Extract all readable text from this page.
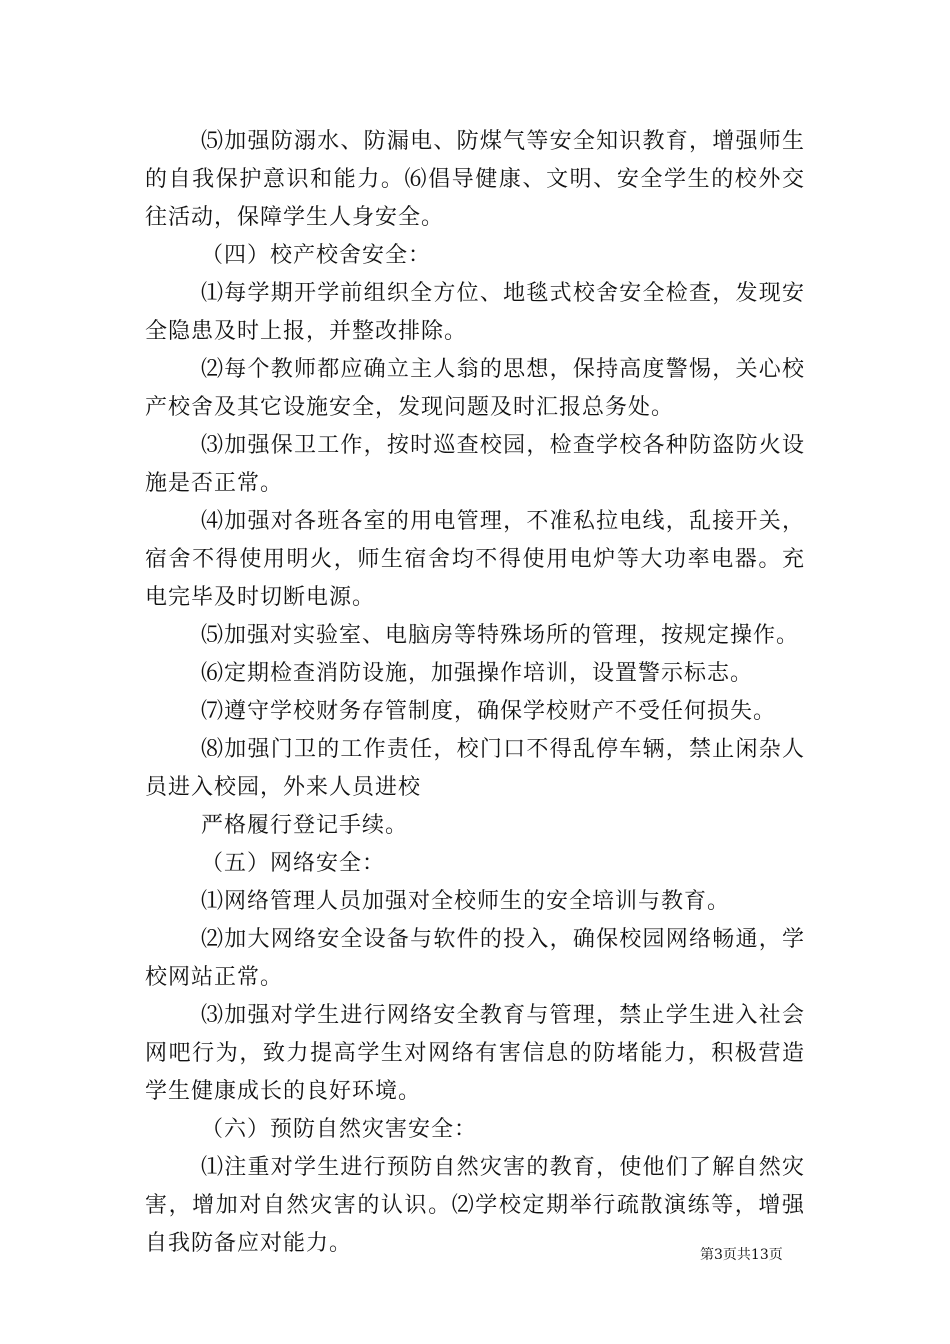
⑸加强防溺水、防漏电、防煤气等安全知识教育，增强师生的自我保护意识和能力。⑹倡导健康、文明、安全学生的校外交往活动，保障学生人身安全。

（四）校产校舍安全：

⑴每学期开学前组织全方位、地毯式校舍安全检查，发现安全隐患及时上报，并整改排除。

⑵每个教师都应确立主人翁的思想，保持高度警惕，关心校产校舍及其它设施安全，发现问题及时汇报总务处。

⑶加强保卫工作，按时巡查校园，检查学校各种防盗防火设施是否正常。

⑷加强对各班各室的用电管理，不准私拉电线，乱接开关，宿舍不得使用明火，师生宿舍均不得使用电炉等大功率电器。充电完毕及时切断电源。

⑸加强对实验室、电脑房等特殊场所的管理，按规定操作。

⑹定期检查消防设施，加强操作培训，设置警示标志。

⑺遵守学校财务存管制度，确保学校财产不受任何损失。

⑻加强门卫的工作责任，校门口不得乱停车辆，禁止闲杂人员进入校园，外来人员进校

严格履行登记手续。

（五）网络安全：

⑴网络管理人员加强对全校师生的安全培训与教育。

⑵加大网络安全设备与软件的投入，确保校园网络畅通，学校网站正常。

⑶加强对学生进行网络安全教育与管理，禁止学生进入社会网吧行为，致力提高学生对网络有害信息的防堵能力，积极营造学生健康成长的良好环境。

（六）预防自然灾害安全：

⑴注重对学生进行预防自然灾害的教育，使他们了解自然灾害，增加对自然灾害的认识。⑵学校定期举行疏散演练等，增强自我防备应对能力。	第3页共13页
